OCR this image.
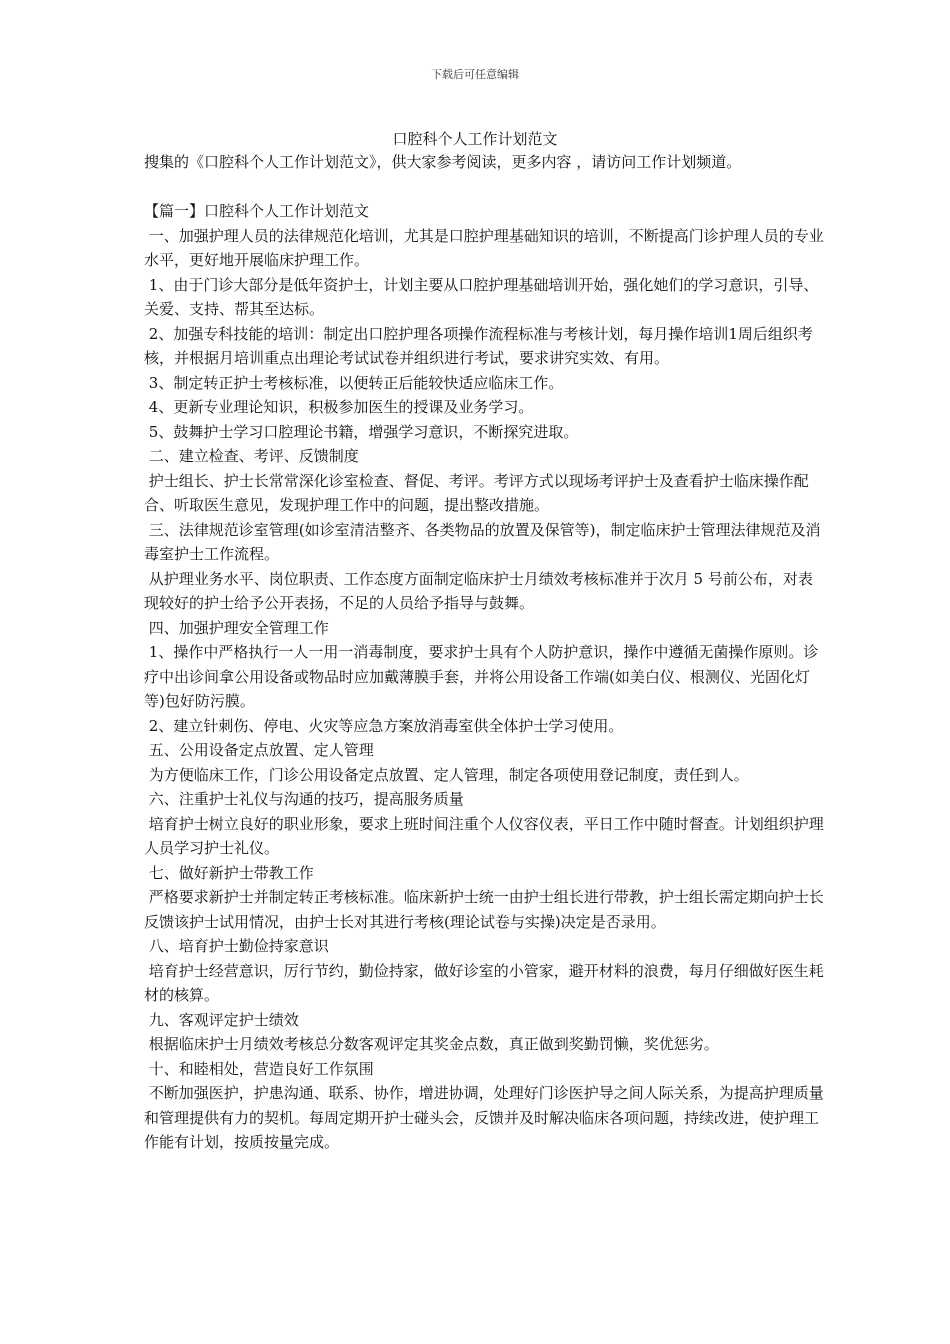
下载后可任意编辑
口腔科个人工作计划范文

搜集的《口腔科个人工作计划范文》，供大家参考阅读，更多内容 ，请访问工作计划频道。

【篇一】口腔科个人工作计划范文

一、加强护理人员的法律规范化培训，尤其是口腔护理基础知识的培训，不断提高门诊护理人员的专业水平，更好地开展临床护理工作。

1、由于门诊大部分是低年资护士，计划主要从口腔护理基础培训开始，强化她们的学习意识，引导、关爱、支持、帮其至达标。

2、加强专科技能的培训：制定出口腔护理各项操作流程标准与考核计划，每月操作培训1周后组织考核，并根据月培训重点出理论考试试卷并组织进行考试，要求讲究实效、有用。

3、制定转正护士考核标准，以便转正后能较快适应临床工作。

4、更新专业理论知识，积极参加医生的授课及业务学习。

5、鼓舞护士学习口腔理论书籍，增强学习意识，不断探究进取。

二、建立检查、考评、反馈制度

护士组长、护士长常常深化诊室检查、督促、考评。考评方式以现场考评护士及查看护士临床操作配合、听取医生意见，发现护理工作中的问题，提出整改措施。

三、法律规范诊室管理(如诊室清洁整齐、各类物品的放置及保管等)，制定临床护士管理法律规范及消毒室护士工作流程。

从护理业务水平、岗位职责、工作态度方面制定临床护士月绩效考核标准并于次月 5 号前公布，对表现较好的护士给予公开表扬，不足的人员给予指导与鼓舞。

四、加强护理安全管理工作

1、操作中严格执行一人一用一消毒制度，要求护士具有个人防护意识，操作中遵循无菌操作原则。诊疗中出诊间拿公用设备或物品时应加戴薄膜手套，并将公用设备工作端(如美白仪、根测仪、光固化灯等)包好防污膜。

2、建立针刺伤、停电、火灾等应急方案放消毒室供全体护士学习使用。

五、公用设备定点放置、定人管理

为方便临床工作，门诊公用设备定点放置、定人管理，制定各项使用登记制度，责任到人。

六、注重护士礼仪与沟通的技巧，提高服务质量

培育护士树立良好的职业形象，要求上班时间注重个人仪容仪表，平日工作中随时督查。计划组织护理人员学习护士礼仪。

七、做好新护士带教工作

严格要求新护士并制定转正考核标准。临床新护士统一由护士组长进行带教，护士组长需定期向护士长反馈该护士试用情况，由护士长对其进行考核(理论试卷与实操)决定是否录用。

八、培育护士勤俭持家意识

培育护士经营意识，厉行节约，勤俭持家，做好诊室的小管家，避开材料的浪费，每月仔细做好医生耗材的核算。

九、客观评定护士绩效

根据临床护士月绩效考核总分数客观评定其奖金点数，真正做到奖勤罚懒，奖优惩劣。

十、和睦相处，营造良好工作氛围

不断加强医护，护患沟通、联系、协作，增进协调，处理好门诊医护导之间人际关系，为提高护理质量和管理提供有力的契机。每周定期开护士碰头会，反馈并及时解决临床各项问题，持续改进，使护理工作能有计划，按质按量完成。
